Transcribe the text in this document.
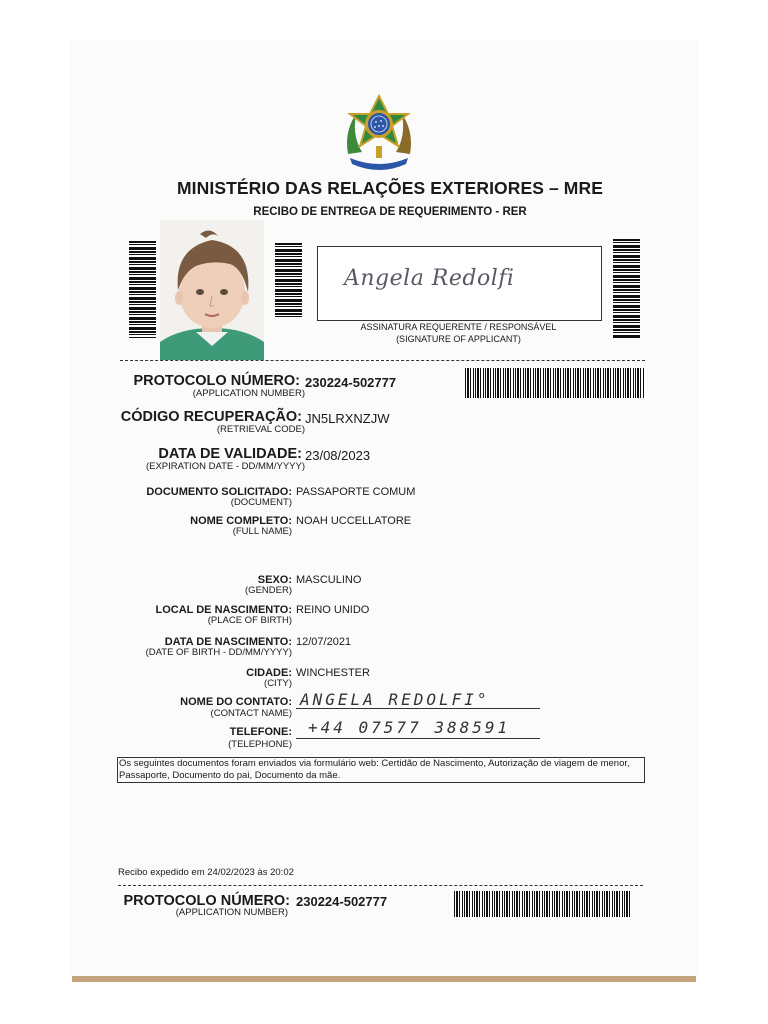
MINISTÉRIO DAS RELAÇÕES EXTERIORES – MRE
RECIBO DE ENTREGA DE REQUERIMENTO - RER
Angela Redolfi
ASSINATURA REQUERENTE / RESPONSÁVEL
(SIGNATURE OF APPLICANT)
PROTOCOLO NÚMERO: 230224-502777
(APPLICATION NUMBER)
CÓDIGO RECUPERAÇÃO: JN5LRXNZJW
(RETRIEVAL CODE)
DATA DE VALIDADE: 23/08/2023
(EXPIRATION DATE - DD/MM/YYYY)
DOCUMENTO SOLICITADO: PASSAPORTE COMUM
(DOCUMENT)
NOME COMPLETO: NOAH UCCELLATORE
(FULL NAME)
SEXO: MASCULINO
(GENDER)
LOCAL DE NASCIMENTO: REINO UNIDO
(PLACE OF BIRTH)
DATA DE NASCIMENTO: 12/07/2021
(DATE OF BIRTH - DD/MM/YYYY)
CIDADE: WINCHESTER
(CITY)
NOME DO CONTATO: ANGELA REDOLFI°
(CONTACT NAME)
TELEFONE: +44 07577 388591
(TELEPHONE)
Os seguintes documentos foram enviados via formulário web: Certidão de Nascimento, Autorização de viagem de menor, Passaporte, Documento do pai, Documento da mãe.
Recibo expedido em 24/02/2023 às 20:02
PROTOCOLO NÚMERO: 230224-502777
(APPLICATION NUMBER)
